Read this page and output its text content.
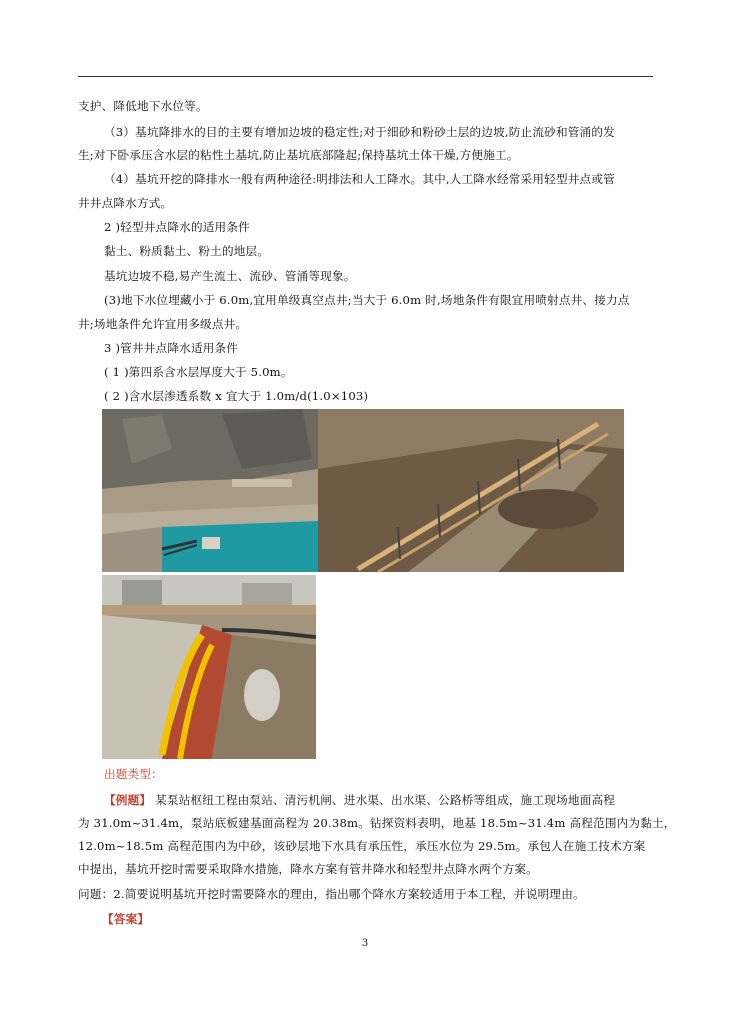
支护、降低地下水位等。
（3）基坑降排水的目的主要有增加边坡的稳定性;对于细砂和粉砂土层的边坡,防止流砂和管涌的发
生;对下卧承压含水层的粘性土基坑,防止基坑底部隆起;保持基坑土体干燥,方便施工。
（4）基坑开挖的降排水一般有两种途径:明排法和人工降水。其中,人工降水经常采用轻型井点或管
井井点降水方式。
2 )轻型井点降水的适用条件
黏土、粉质黏土、粉土的地层。
基坑边坡不稳,易产生流土、流砂、管涌等现象。
(3)地下水位埋藏小于 6.0m,宜用单级真空点井;当大于 6.0m 时,场地条件有限宜用喷射点井、接力点
井;场地条件允许宜用多级点井。
3 )管井井点降水适用条件
( 1 )第四系含水层厚度大于 5.0m。
( 2 )含水层渗透系数 x 宜大于 1.0m/d(1.0×103)
出题类型：
【例题】 某泵站枢纽工程由泵站、清污机闸、进水渠、出水渠、公路桥等组成，施工现场地面高程
为 31.0m~31.4m，泵站底板建基面高程为 20.38m。钻探资料表明，地基 18.5m~31.4m 高程范围内为黏土，
12.0m~18.5m 高程范围内为中砂，该砂层地下水具有承压性，承压水位为 29.5m。承包人在施工技术方案
中提出，基坑开挖时需要采取降水措施，降水方案有管井降水和轻型井点降水两个方案。
问题：2.简要说明基坑开挖时需要降水的理由，指出哪个降水方案较适用于本工程，并说明理由。
【答案】
3
